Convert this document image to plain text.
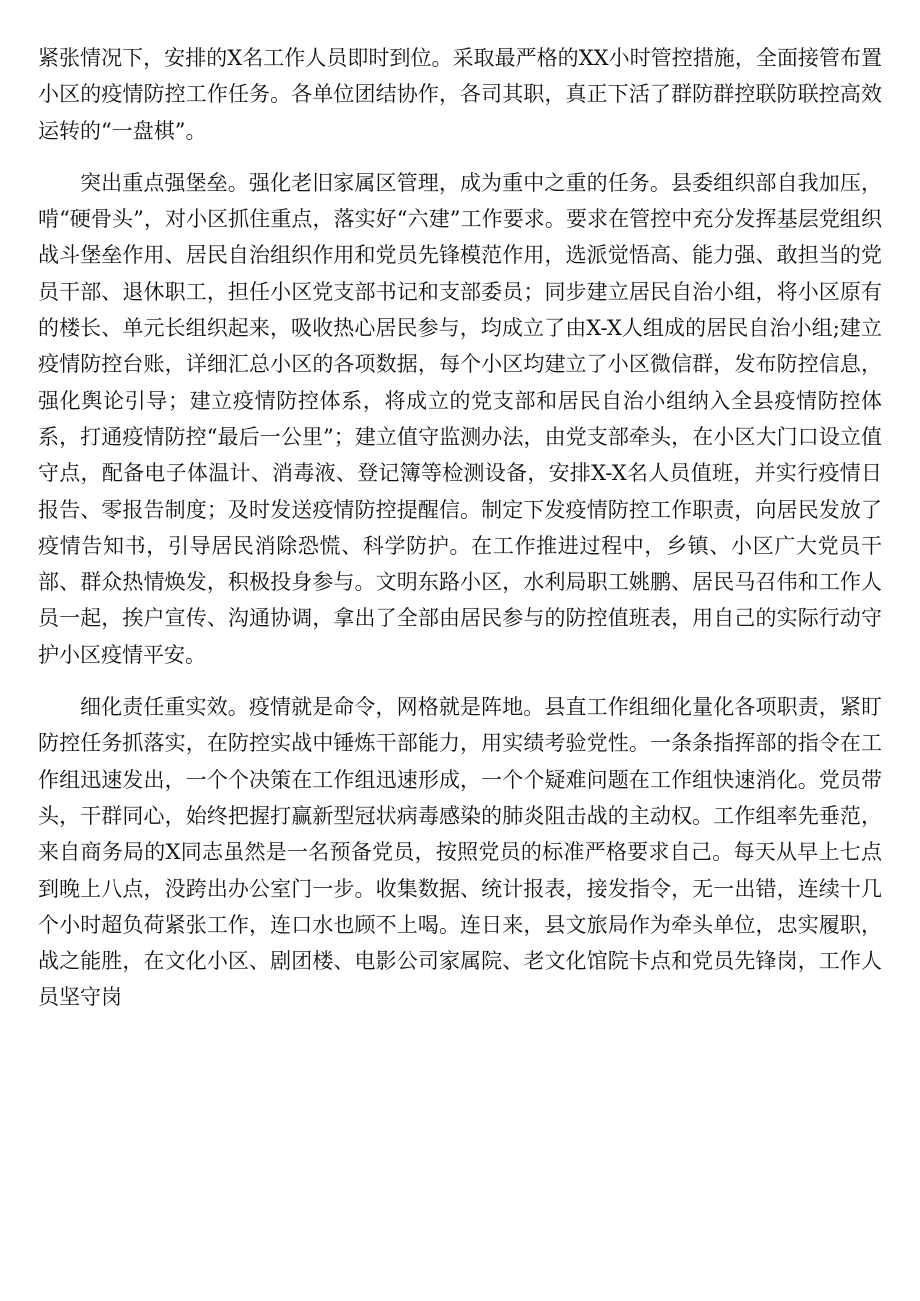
紧张情况下，安排的X名工作人员即时到位。采取最严格的XX小时管控措施，全面接管布置小区的疫情防控工作任务。各单位团结协作，各司其职，真正下活了群防群控联防联控高效运转的“一盘棋”。

突出重点强堡垒。强化老旧家属区管理，成为重中之重的任务。县委组织部自我加压，啃“硬骨头”，对小区抓住重点，落实好“六建”工作要求。要求在管控中充分发挥基层党组织战斗堡垒作用、居民自治组织作用和党员先锋模范作用，选派觉悟高、能力强、敢担当的党员干部、退休职工，担任小区党支部书记和支部委员；同步建立居民自治小组，将小区原有的楼长、单元长组织起来，吸收热心居民参与，均成立了由X-X人组成的居民自治小组;建立疫情防控台账，详细汇总小区的各项数据，每个小区均建立了小区微信群，发布防控信息，强化舆论引导；建立疫情防控体系，将成立的党支部和居民自治小组纳入全县疫情防控体系，打通疫情防控“最后一公里”；建立值守监测办法，由党支部牵头，在小区大门口设立值守点，配备电子体温计、消毒液、登记簿等检测设备，安排X-X名人员值班，并实行疫情日报告、零报告制度；及时发送疫情防控提醒信。制定下发疫情防控工作职责，向居民发放了疫情告知书，引导居民消除恐慌、科学防护。在工作推进过程中，乡镇、小区广大党员干部、群众热情焕发，积极投身参与。文明东路小区，水利局职工姚鹏、居民马召伟和工作人员一起，挨户宣传、沟通协调，拿出了全部由居民参与的防控值班表，用自己的实际行动守护小区疫情平安。

细化责任重实效。疫情就是命令，网格就是阵地。县直工作组细化量化各项职责，紧盯防控任务抓落实，在防控实战中锤炼干部能力，用实绩考验党性。一条条指挥部的指令在工作组迅速发出，一个个决策在工作组迅速形成，一个个疑难问题在工作组快速消化。党员带头，干群同心，始终把握打赢新型冠状病毒感染的肺炎阻击战的主动权。工作组率先垂范，来自商务局的X同志虽然是一名预备党员，按照党员的标准严格要求自己。每天从早上七点到晚上八点，没跨出办公室门一步。收集数据、统计报表，接发指令，无一出错，连续十几个小时超负荷紧张工作，连口水也顾不上喝。连日来，县文旅局作为牵头单位，忠实履职，战之能胜，在文化小区、剧团楼、电影公司家属院、老文化馆院卡点和党员先锋岗，工作人员坚守岗
